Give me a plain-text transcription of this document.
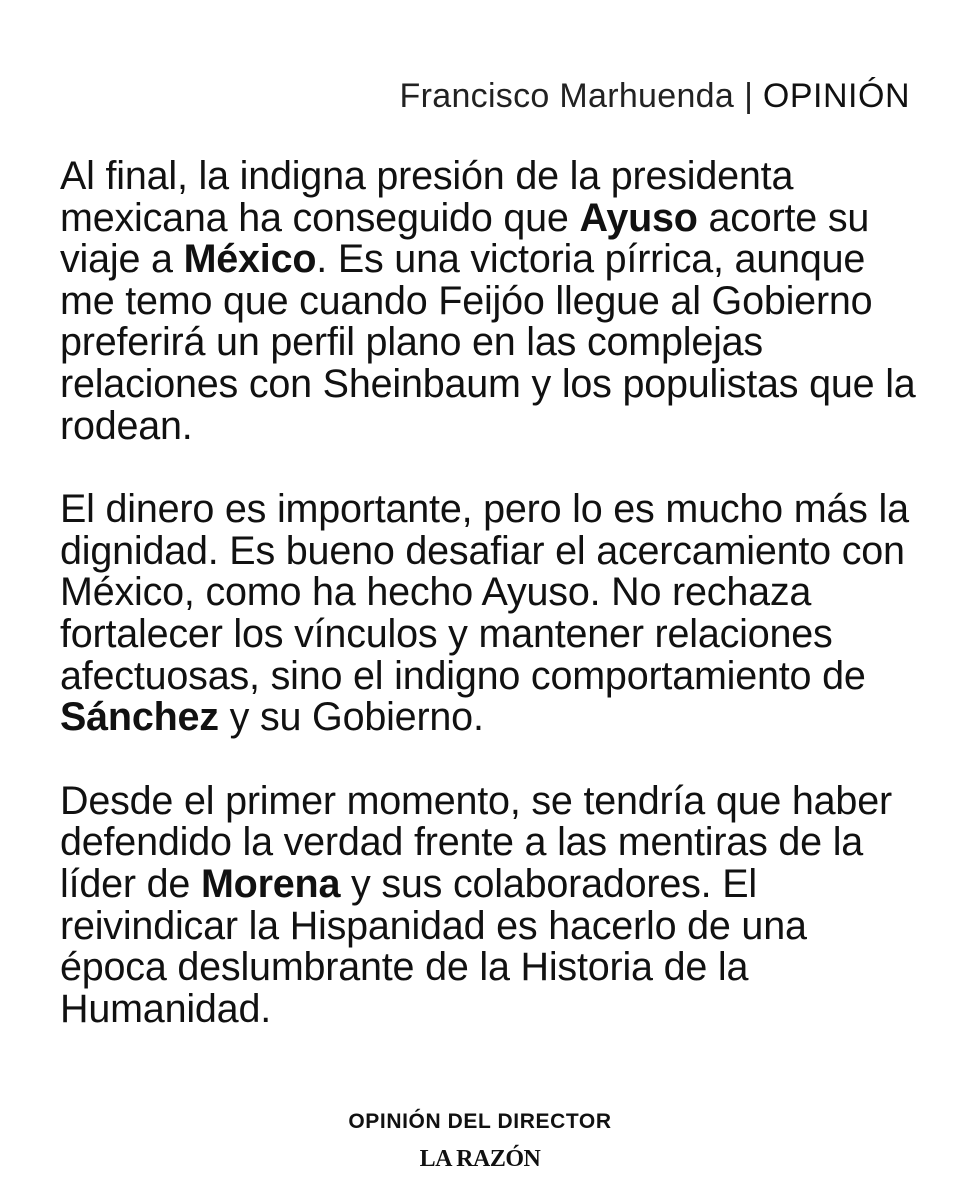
Francisco Marhuenda | OPINIÓN

Al final, la indigna presión de la presidenta mexicana ha conseguido que Ayuso acorte su viaje a México. Es una victoria pírrica, aunque me temo que cuando Feijóo llegue al Gobierno preferirá un perfil plano en las complejas relaciones con Sheinbaum y los populistas que la rodean.

El dinero es importante, pero lo es mucho más la dignidad. Es bueno desafiar el acercamiento con México, como ha hecho Ayuso. No rechaza fortalecer los vínculos y mantener relaciones afectuosas, sino el indigno comportamiento de Sánchez y su Gobierno.

Desde el primer momento, se tendría que haber defendido la verdad frente a las mentiras de la líder de Morena y sus colaboradores. El reivindicar la Hispanidad es hacerlo de una época deslumbrante de la Historia de la Humanidad.

OPINIÓN DEL DIRECTOR
LA RAZÓN
